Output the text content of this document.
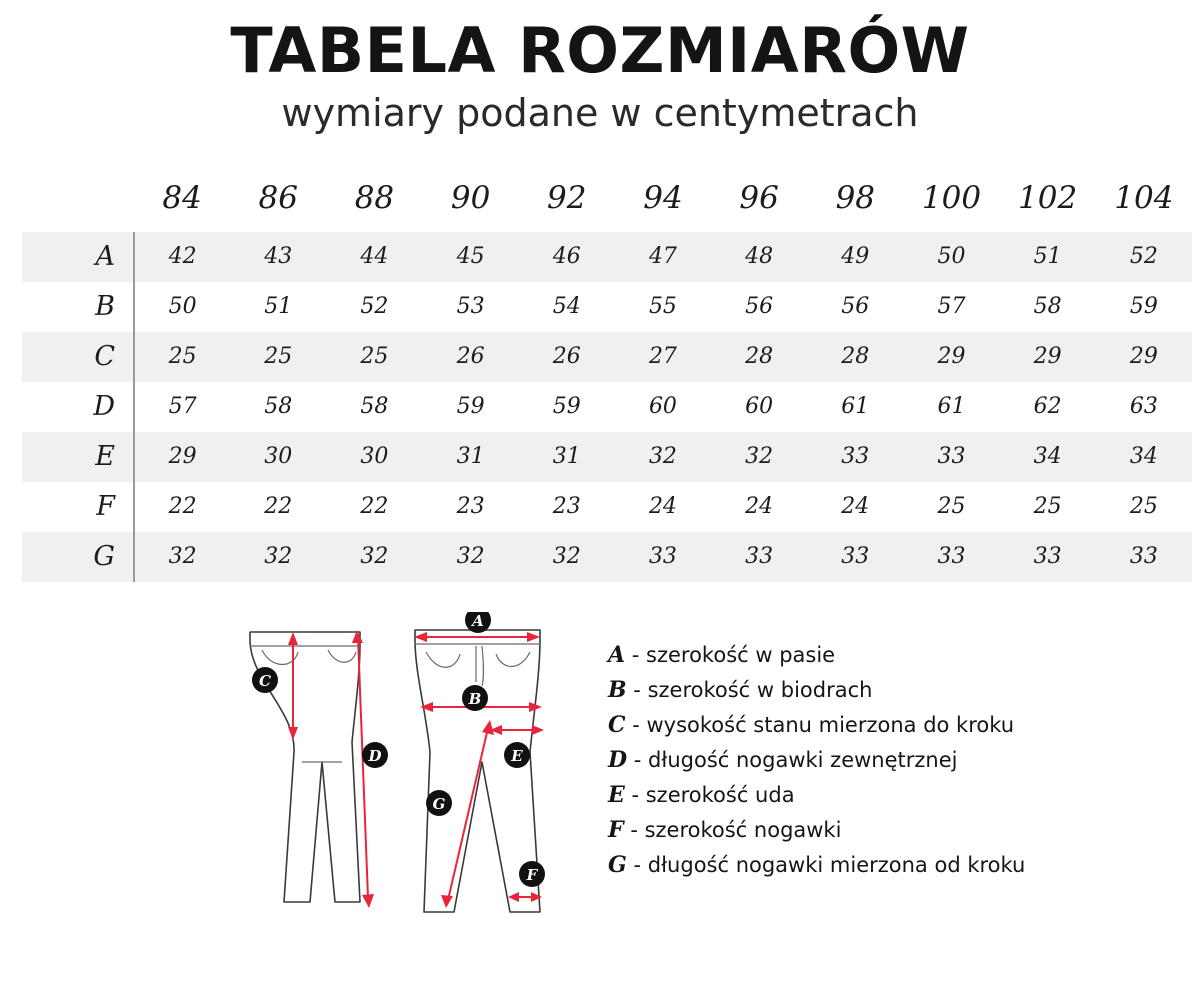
TABELA ROZMIARÓW

wymiary podane w centymetrach

	84	86	88	90	92	94	96	98	100	102	104
A	42	43	44	45	46	47	48	49	50	51	52
B	50	51	52	53	54	55	56	56	57	58	59
C	25	25	25	26	26	27	28	28	29	29	29
D	57	58	58	59	59	60	60	61	61	62	63
E	29	30	30	31	31	32	32	33	33	34	34
F	22	22	22	23	23	24	24	24	25	25	25
G	32	32	32	32	32	33	33	33	33	33	33
C
D
A
B
E
G
F
A - szerokość w pasie
B - szerokość w biodrach
C - wysokość stanu mierzona do kroku
D - długość nogawki zewnętrznej
E - szerokość uda
F - szerokość nogawki
G - długość nogawki mierzona od kroku
